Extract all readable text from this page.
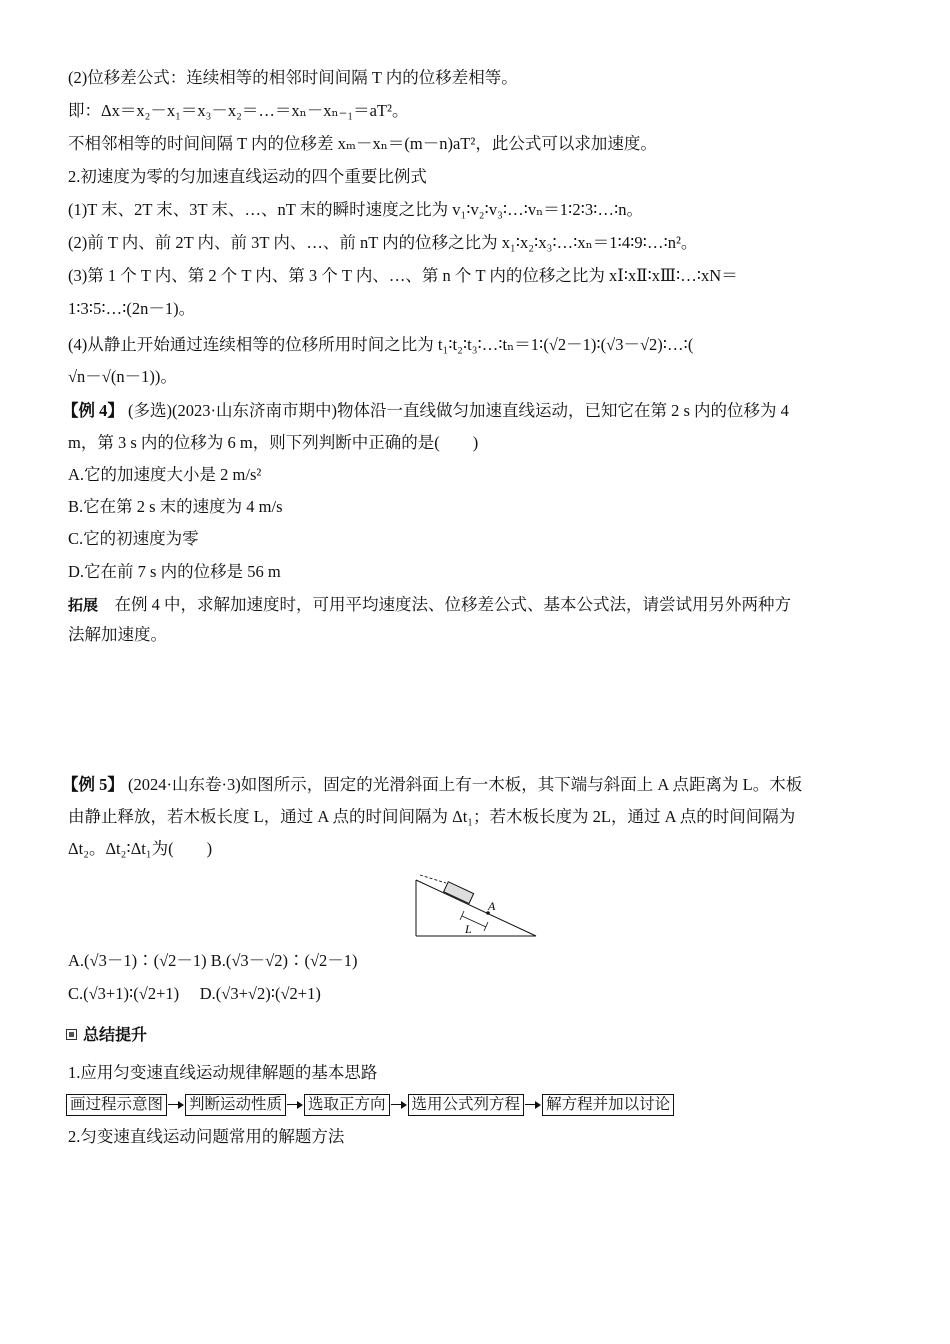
(2)位移差公式：连续相等的相邻时间间隔 T 内的位移差相等。
即：Δx＝x₂－x₁＝x₃－x₂＝…＝xₙ－xₙ₋₁＝aT²。
不相邻相等的时间间隔 T 内的位移差 xₘ－xₙ＝(m－n)aT²，此公式可以求加速度。
2.初速度为零的匀加速直线运动的四个重要比例式
(1)T 末、2T 末、3T 末、…、nT 末的瞬时速度之比为 v₁∶v₂∶v₃∶…∶vₙ＝1∶2∶3∶…∶n。
(2)前 T 内、前 2T 内、前 3T 内、…、前 nT 内的位移之比为 x₁∶x₂∶x₃∶…∶xₙ＝1∶4∶9∶…∶n²。
(3)第 1 个 T 内、第 2 个 T 内、第 3 个 T 内、…、第 n 个 T 内的位移之比为 xⅠ∶xⅡ∶xⅢ∶…∶xN＝
1∶3∶5∶…∶(2n－1)。
(4)从静止开始通过连续相等的位移所用时间之比为 t₁∶t₂∶t₃∶…∶tₙ＝1∶(√2－1)∶(√3－√2)∶…∶(
√n－√(n－1))。
【例 4】 (多选)(2023·山东济南市期中)物体沿一直线做匀加速直线运动，已知它在第 2 s 内的位移为 4
m，第 3 s 内的位移为 6 m，则下列判断中正确的是(　　)
A.它的加速度大小是 2 m/s²
B.它在第 2 s 末的速度为 4 m/s
C.它的初速度为零
D.它在前 7 s 内的位移是 56 m
拓展　在例 4 中，求解加速度时，可用平均速度法、位移差公式、基本公式法，请尝试用另外两种方
法解加速度。
【例 5】 (2024·山东卷·3)如图所示，固定的光滑斜面上有一木板，其下端与斜面上 A 点距离为 L。木板
由静止释放，若木板长度 L，通过 A 点的时间间隔为 Δt₁；若木板长度为 2L，通过 A 点的时间间隔为
Δt₂。Δt₂∶Δt₁为(　　)
A
L
A.(√3－1)∶(√2－1) B.(√3－√2)∶(√2－1)
C.(√3+1)∶(√2+1)　 D.(√3+√2)∶(√2+1)
总结提升
1.应用匀变速直线运动规律解题的基本思路
画过程示意图 判断运动性质 选取正方向 选用公式列方程 解方程并加以讨论
2.匀变速直线运动问题常用的解题方法
